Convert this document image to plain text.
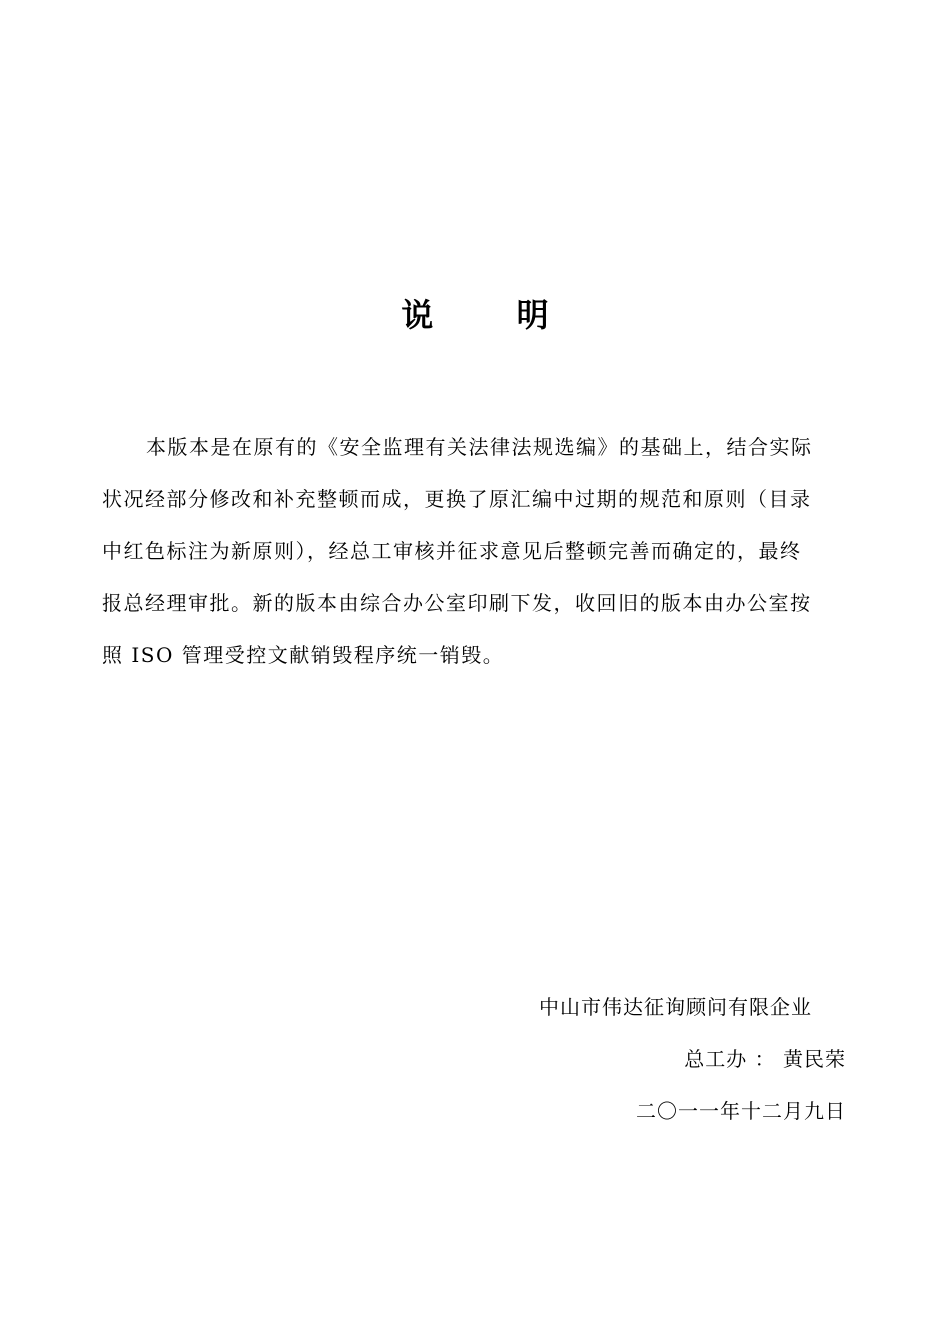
说 明
本版本是在原有的《安全监理有关法律法规选编》的基础上，结合实际
状况经部分修改和补充整顿而成，更换了原汇编中过期的规范和原则（目录
中红色标注为新原则），经总工审核并征求意见后整顿完善而确定的，最终
报总经理审批。新的版本由综合办公室印刷下发，收回旧的版本由办公室按
照 ISO 管理受控文献销毁程序统一销毁。
中山市伟达征询顾问有限企业
总工办 ： 黄民荣
二〇一一年十二月九日
